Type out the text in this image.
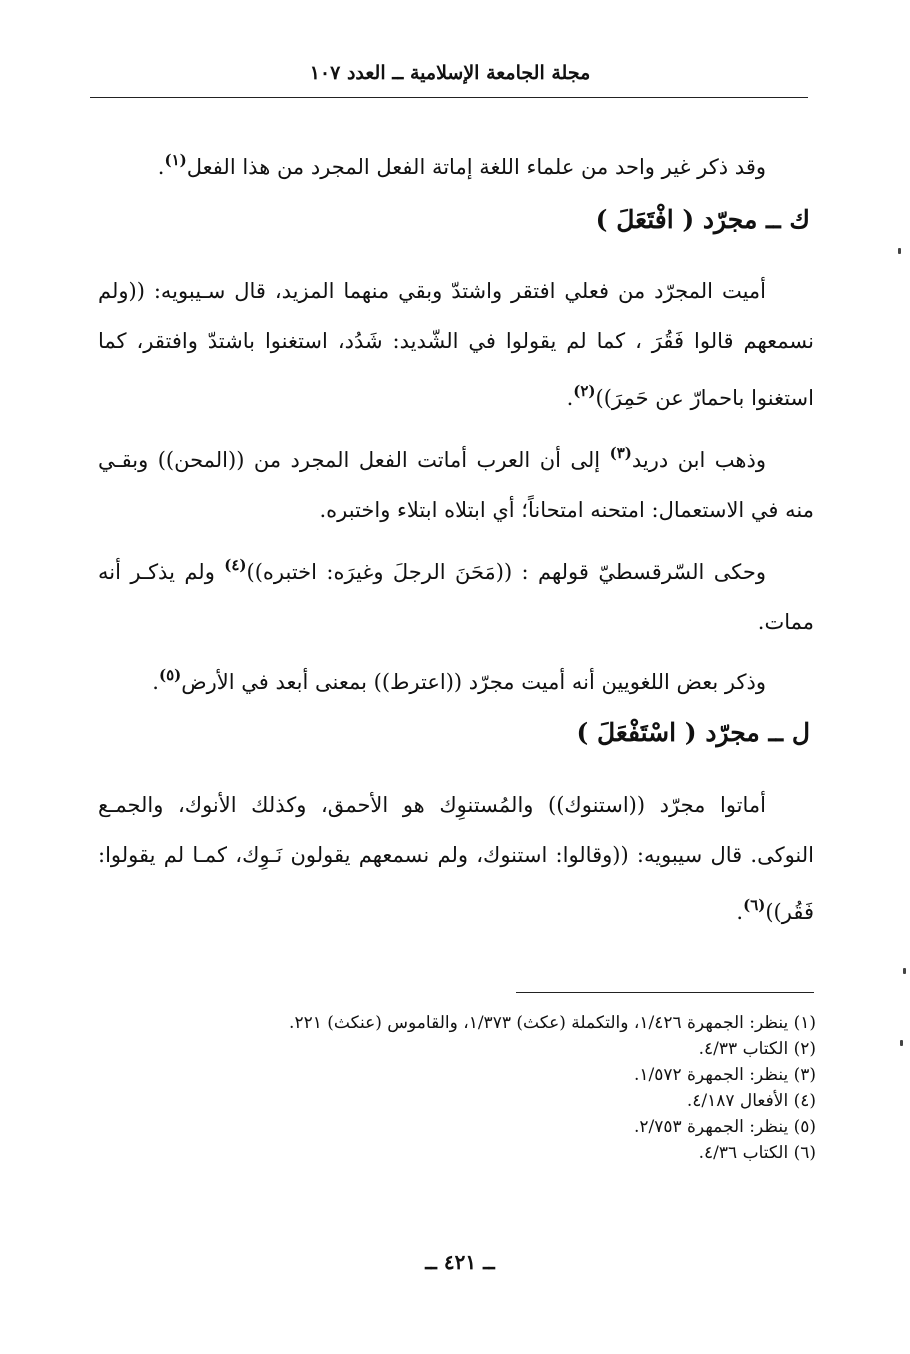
مجلة الجامعة الإسلامية ــ العدد ١٠٧

وقد ذكر غير واحد من علماء اللغة إماتة الفعل المجرد من هذا الفعل$^{(١)}$.

ك ــ مجرّد ( افْتَعَلَ )

أميت المجرّد من فعلي افتقر واشتدّ وبقي منهما المزيد، قال سـيبويه: ((ولم نسمعهم قالوا فَقُرَ ، كما لم يقولوا في الشّديد: شَدُد، استغنوا باشتدّ وافتقر، كما استغنوا باحمارّ عن حَمِرَ))$^{(٢)}$.

وذهب ابن دريد$^{(٣)}$ إلى أن العرب أماتت الفعل المجرد من ((المحن)) وبقـي منه في الاستعمال: امتحنه امتحاناً؛ أي ابتلاه ابتلاء واختبره.

وحكى السّرقسطيّ قولهم : ((مَحَنَ الرجلَ وغيرَه: اختبره))$^{(٤)}$ ولم يذكـر أنه ممات.

وذكر بعض اللغويين أنه أميت مجرّد ((اعترط)) بمعنى أبعد في الأرض$^{(٥)}$.

ل ــ مجرّد ( اسْتَفْعَلَ )

أماتوا مجرّد ((استنوك)) والمُستنوِك هو الأحمق، وكذلك الأنوك، والجمـع النوكى. قال سيبويه: ((وقالوا: استنوك، ولم نسمعهم يقولون نَـوِك، كمـا لم يقولوا: فَقُر))$^{(٦)}$.

(١) ينظر: الجمهرة ١/٤٢٦، والتكملة (عكث) ١/٣٧٣، والقاموس (عنكث) ٢٢١.
(٢) الكتاب ٤/٣٣.
(٣) ينظر: الجمهرة ١/٥٧٢.
(٤) الأفعال ٤/١٨٧.
(٥) ينظر: الجمهرة ٢/٧٥٣.
(٦) الكتاب ٤/٣٦.
ــ ٤٢١ ــ
